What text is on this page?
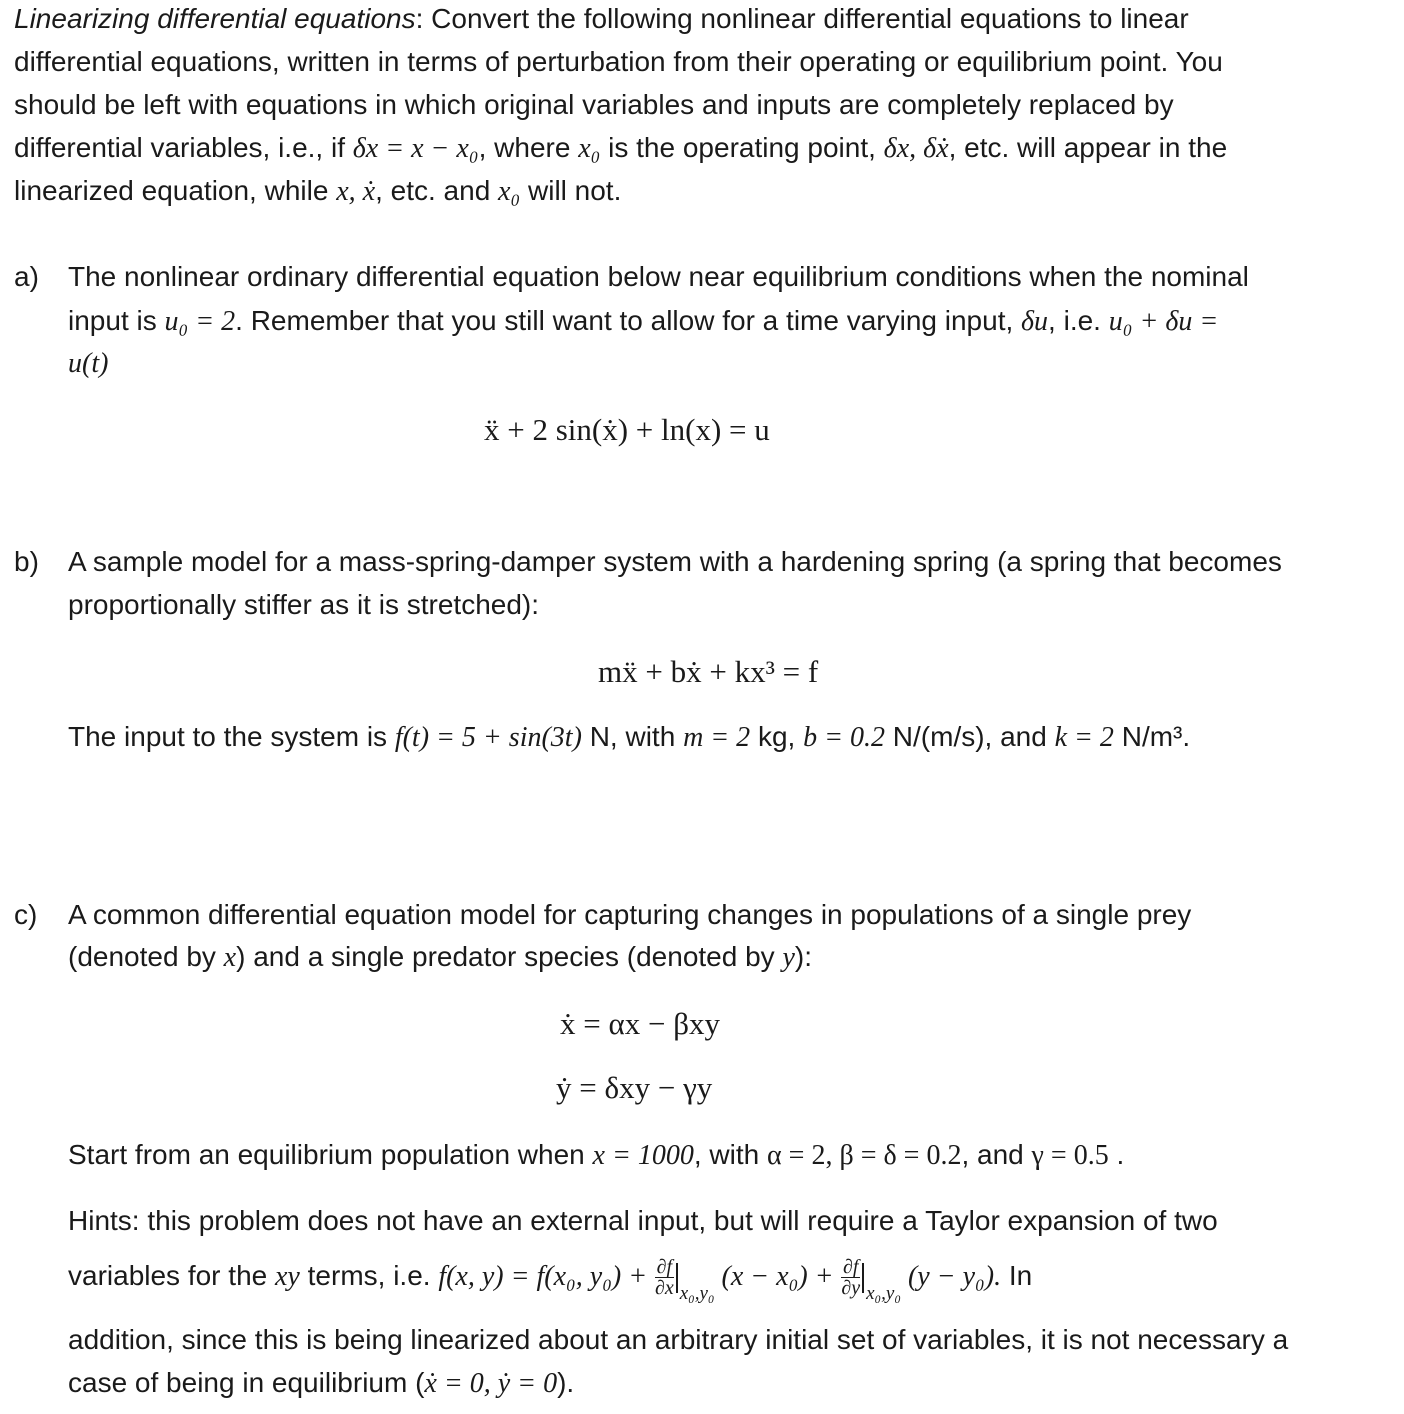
Linearizing differential equations: Convert the following nonlinear differential equations to linear
differential equations, written in terms of perturbation from their operating or equilibrium point. You
should be left with equations in which original variables and inputs are completely replaced by
differential variables, i.e., if δx = x − x₀, where x₀ is the operating point, δx, δẋ, etc. will appear in the
linearized equation, while x, ẋ, etc. and x₀ will not.
a) The nonlinear ordinary differential equation below near equilibrium conditions when the nominal
input is u₀ = 2. Remember that you still want to allow for a time varying input, δu, i.e. u₀ + δu =
u(t)
ẍ + 2 sin(ẋ) + ln(x) = u
b) A sample model for a mass-spring-damper system with a hardening spring (a spring that becomes
proportionally stiffer as it is stretched):
mẍ + bẋ + kx³ = f
The input to the system is f(t) = 5 + sin(3t) N, with m = 2 kg, b = 0.2 N/(m/s), and k = 2 N/m³.
c) A common differential equation model for capturing changes in populations of a single prey
(denoted by x) and a single predator species (denoted by y):
ẋ = αx − βxy
ẏ = δxy − γy
Start from an equilibrium population when x = 1000, with α = 2, β = δ = 0.2, and γ = 0.5 .
Hints: this problem does not have an external input, but will require a Taylor expansion of two
variables for the xy terms, i.e. f(x, y) = f(x₀, $y_0) + \frac{\partial f}{\partial x} _{x_0,y_0}$ $(x - x_0) + \frac{\partial f}{\partial y} _{x_0,y_0}$ (y − y₀). In
addition, since this is being linearized about an arbitrary initial set of variables, it is not necessary a
case of being in equilibrium (ẋ = 0, ẏ = 0).
